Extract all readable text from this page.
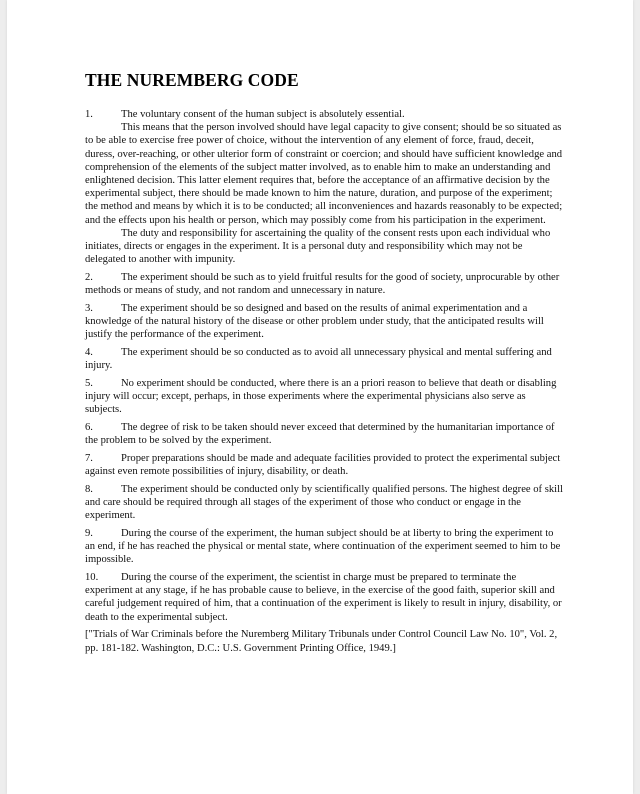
THE NUREMBERG CODE

1.	The voluntary consent of the human subject is absolutely essential.

This means that the person involved should have legal capacity to give consent; should be so situated as to be able to exercise free power of choice, without the intervention of any element of force, fraud, deceit, duress, over-reaching, or other ulterior form of constraint or coercion; and should have sufficient knowledge and comprehension of the elements of the subject matter involved, as to enable him to make an understanding and enlightened decision. This latter element requires that, before the acceptance of an affirmative decision by the experimental subject, there should be made known to him the nature, duration, and purpose of the experiment; the method and means by which it is to be conducted; all inconveniences and hazards reasonably to be expected; and the effects upon his health or person, which may possibly come from his participation in the experiment.

The duty and responsibility for ascertaining the quality of the consent rests upon each individual who initiates, directs or engages in the experiment. It is a personal duty and responsibility which may not be delegated to another with impunity.

2.	The experiment should be such as to yield fruitful results for the good of society, unprocurable by other methods or means of study, and not random and unnecessary in nature.

3.	The experiment should be so designed and based on the results of animal experimentation and a knowledge of the natural history of the disease or other problem under study, that the anticipated results will justify the performance of the experiment.

4.	The experiment should be so conducted as to avoid all unnecessary physical and mental suffering and injury.

5.	No experiment should be conducted, where there is an a priori reason to believe that death or disabling injury will occur; except, perhaps, in those experiments where the experimental physicians also serve as subjects.

6.	The degree of risk to be taken should never exceed that determined by the humanitarian importance of the problem to be solved by the experiment.

7.	Proper preparations should be made and adequate facilities provided to protect the experimental subject against even remote possibilities of injury, disability, or death.

8.	The experiment should be conducted only by scientifically qualified persons. The highest degree of skill and care should be required through all stages of the experiment of those who conduct or engage in the experiment.

9.	During the course of the experiment, the human subject should be at liberty to bring the experiment to an end, if he has reached the physical or mental state, where continuation of the experiment seemed to him to be impossible.

10. During the course of the experiment, the scientist in charge must be prepared to terminate the experiment at any stage, if he has probable cause to believe, in the exercise of the good faith, superior skill and careful judgement required of him, that a continuation of the experiment is likely to result in injury, disability, or death to the experimental subject.

["Trials of War Criminals before the Nuremberg Military Tribunals under Control Council Law No. 10", Vol. 2, pp. 181-182. Washington, D.C.: U.S. Government Printing Office, 1949.]
